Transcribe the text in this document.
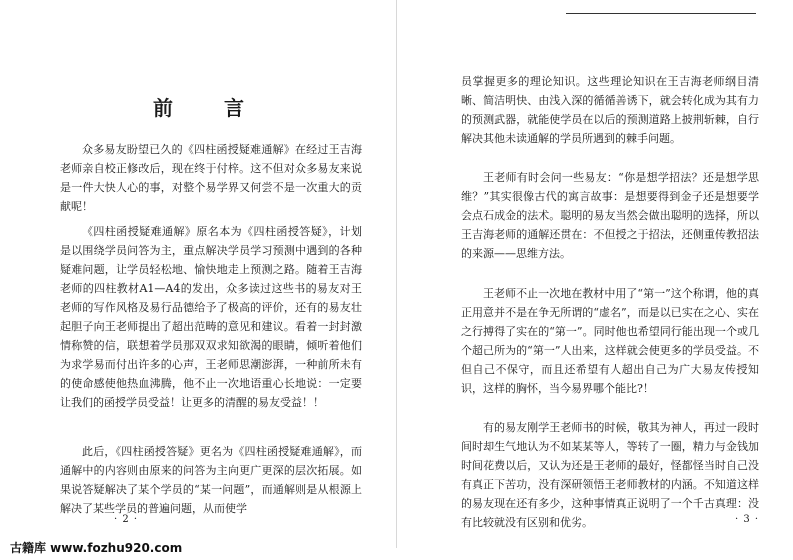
前 言

众多易友盼望已久的《四柱函授疑难通解》在经过王吉海老师亲自校正修改后，现在终于付梓。这不但对众多易友来说是一件大快人心的事，对整个易学界又何尝不是一次重大的贡献呢！

《四柱函授疑难通解》原名本为《四柱函授答疑》，计划是以围绕学员问答为主，重点解决学员学习预测中遇到的各种疑难问题，让学员轻松地、愉快地走上预测之路。随着王吉海老师的四柱教材A1—A4的发出，众多读过这些书的易友对王老师的写作风格及易行品德给予了极高的评价，还有的易友壮起胆子向王老师提出了超出范畴的意见和建议。看着一封封激情称赞的信，联想着学员那双双求知欲渴的眼睛，倾听着他们为求学易而付出许多的心声，王老师思潮澎湃，一种前所未有的使命感使他热血沸腾，他不止一次地语重心长地说：一定要让我们的函授学员受益！让更多的清醒的易友受益！！

此后，《四柱函授答疑》更名为《四柱函授疑难通解》，而通解中的内容则由原来的问答为主向更广更深的层次拓展。如果说答疑解决了某个学员的“某一问题”，而通解则是从根源上解决了某些学员的普遍问题，从而使学

· 2 ·

员掌握更多的理论知识。这些理论知识在王吉海老师纲目清晰、简洁明快、由浅入深的循循善诱下，就会转化成为其有力的预测武器，就能使学员在以后的预测道路上披荆斩棘，自行解决其他未读通解的学员所遇到的棘手问题。

王老师有时会问一些易友：“你是想学招法？还是想学思维？”其实很像古代的寓言故事：是想要得到金子还是想要学会点石成金的法术。聪明的易友当然会做出聪明的选择，所以王吉海老师的通解还贯在：不但授之于招法，还侧重传教招法的来源——思维方法。

王老师不止一次地在教材中用了“第一”这个称谓，他的真正用意并不是在争无所谓的“虚名”，而是以已实在之心、实在之行搏得了实在的“第一”。同时他也希望同行能出现一个或几个超己所为的“第一”人出来，这样就会使更多的学员受益。不但自己不保守，而且还希望有人超出自己为广大易友传授知识，这样的胸怀，当今易界哪个能比?！

有的易友刚学王老师书的时候，敬其为神人，再过一段时间时却生气地认为不如某某等人，等转了一圈，精力与金钱加时间花费以后，又认为还是王老师的最好，怪都怪当时自己没有真正下苦功，没有深研领悟王老师教材的内涵。不知道这样的易友现在还有多少，这种事情真正说明了一个千古真理：没有比较就没有区别和优劣。	· 3 ·
古籍库 www.fozhu920.com
